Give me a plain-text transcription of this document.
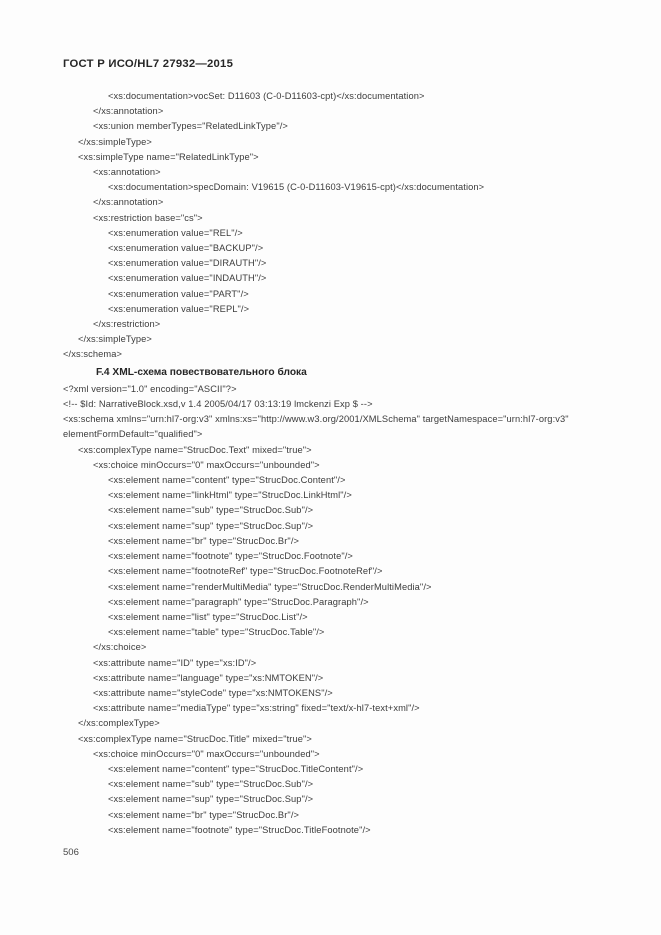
ГОСТ Р ИСО/HL7 27932—2015
<xs:documentation>vocSet: D11603 (C-0-D11603-cpt)</xs:documentation>
</xs:annotation>
<xs:union memberTypes="RelatedLinkType"/>
</xs:simpleType>
<xs:simpleType name="RelatedLinkType">
<xs:annotation>
<xs:documentation>specDomain: V19615 (C-0-D11603-V19615-cpt)</xs:documentation>
</xs:annotation>
<xs:restriction base="cs">
<xs:enumeration value="REL"/>
<xs:enumeration value="BACKUP"/>
<xs:enumeration value="DIRAUTH"/>
<xs:enumeration value="INDAUTH"/>
<xs:enumeration value="PART"/>
<xs:enumeration value="REPL"/>
</xs:restriction>
</xs:simpleType>
</xs:schema>
F.4 XML-схема повествовательного блока
<?xml version="1.0" encoding="ASCII"?>
<!-- $Id: NarrativeBlock.xsd,v 1.4 2005/04/17 03:13:19 lmckenzi Exp $ -->
<xs:schema xmlns="urn:hl7-org:v3" xmlns:xs="http://www.w3.org/2001/XMLSchema" targetNamespace="urn:hl7-org:v3"
elementFormDefault="qualified">
<xs:complexType name="StrucDoc.Text" mixed="true">
<xs:choice minOccurs="0" maxOccurs="unbounded">
<xs:element name="content" type="StrucDoc.Content"/>
<xs:element name="linkHtml" type="StrucDoc.LinkHtml"/>
<xs:element name="sub" type="StrucDoc.Sub"/>
<xs:element name="sup" type="StrucDoc.Sup"/>
<xs:element name="br" type="StrucDoc.Br"/>
<xs:element name="footnote" type="StrucDoc.Footnote"/>
<xs:element name="footnoteRef" type="StrucDoc.FootnoteRef"/>
<xs:element name="renderMultiMedia" type="StrucDoc.RenderMultiMedia"/>
<xs:element name="paragraph" type="StrucDoc.Paragraph"/>
<xs:element name="list" type="StrucDoc.List"/>
<xs:element name="table" type="StrucDoc.Table"/>
</xs:choice>
<xs:attribute name="ID" type="xs:ID"/>
<xs:attribute name="language" type="xs:NMTOKEN"/>
<xs:attribute name="styleCode" type="xs:NMTOKENS"/>
<xs:attribute name="mediaType" type="xs:string" fixed="text/x-hl7-text+xml"/>
</xs:complexType>
<xs:complexType name="StrucDoc.Title" mixed="true">
<xs:choice minOccurs="0" maxOccurs="unbounded">
<xs:element name="content" type="StrucDoc.TitleContent"/>
<xs:element name="sub" type="StrucDoc.Sub"/>
<xs:element name="sup" type="StrucDoc.Sup"/>
<xs:element name="br" type="StrucDoc.Br"/>
<xs:element name="footnote" type="StrucDoc.TitleFootnote"/>
506
